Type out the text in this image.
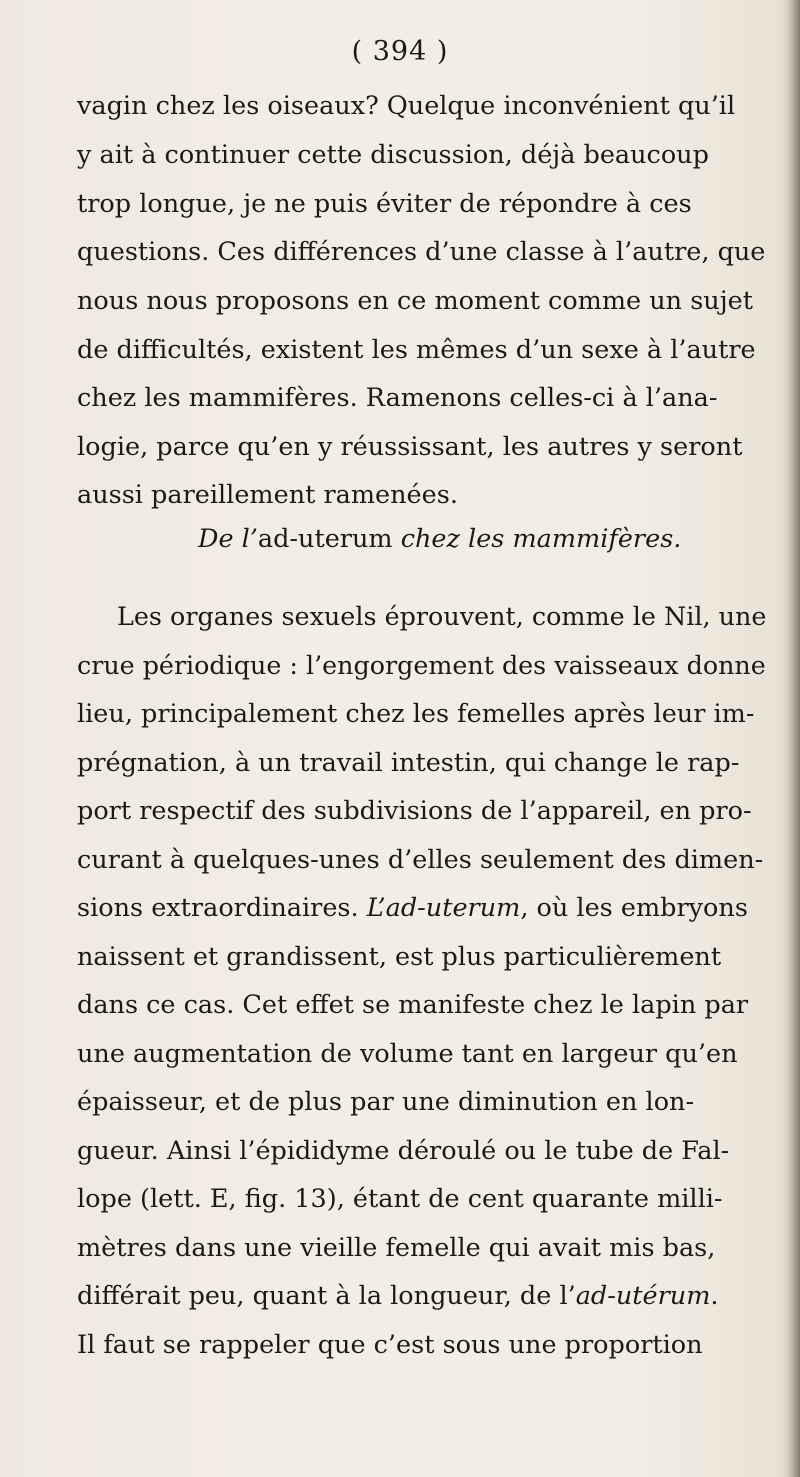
( 394 )
vagin chez les oiseaux? Quelque inconvénient qu’il
y ait à continuer cette discussion, déjà beaucoup
trop longue, je ne puis éviter de répondre à ces
questions. Ces différences d’une classe à l’autre, que
nous nous proposons en ce moment comme un sujet
de difficultés, existent les mêmes d’un sexe à l’autre
chez les mammifères. Ramenons celles-ci à l’ana-
logie, parce qu’en y réussissant, les autres y seront
aussi pareillement ramenées.
De l’ad-uterum chez les mammifères.
Les organes sexuels éprouvent, comme le Nil, une
crue périodique : l’engorgement des vaisseaux donne
lieu, principalement chez les femelles après leur im-
prégnation, à un travail intestin, qui change le rap-
port respectif des subdivisions de l’appareil, en pro-
curant à quelques-unes d’elles seulement des dimen-
sions extraordinaires. L’ad-uterum, où les embryons
naissent et grandissent, est plus particulièrement
dans ce cas. Cet effet se manifeste chez le lapin par
une augmentation de volume tant en largeur qu’en
épaisseur, et de plus par une diminution en lon-
gueur. Ainsi l’épididyme déroulé ou le tube de Fal-
lope (lett. E, fig. 13), étant de cent quarante milli-
mètres dans une vieille femelle qui avait mis bas,
différait peu, quant à la longueur, de l’ad-utérum.
Il faut se rappeler que c’est sous une proportion
